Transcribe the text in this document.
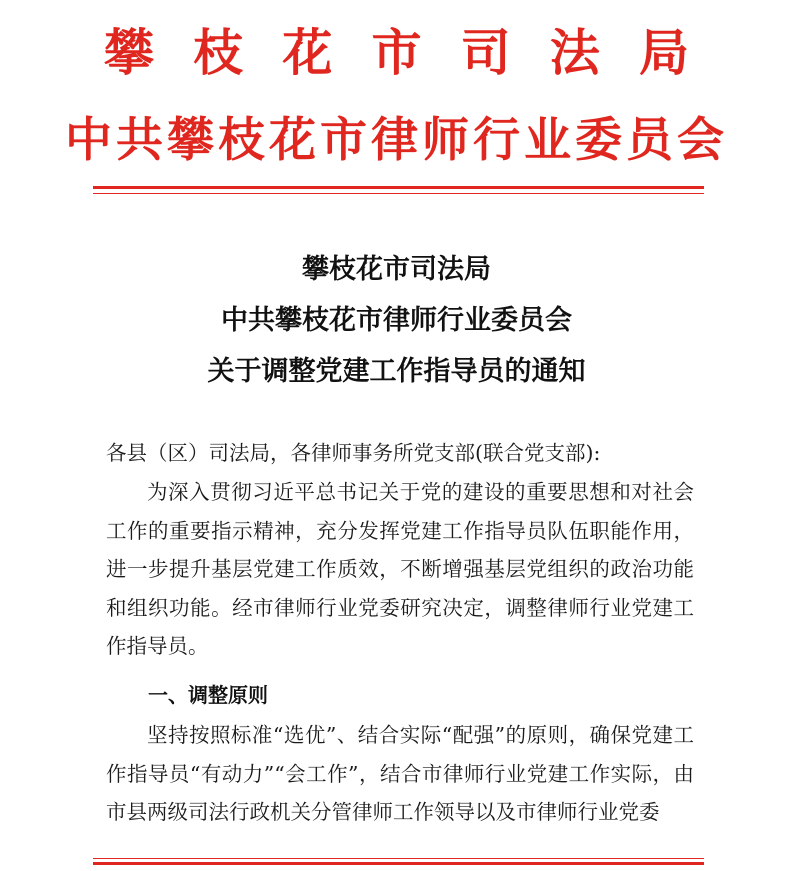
攀 枝 花 市 司 法 局
中共攀枝花市律师行业委员会
攀枝花市司法局
中共攀枝花市律师行业委员会
关于调整党建工作指导员的通知
各县（区）司法局，各律师事务所党支部(联合党支部):

为深入贯彻习近平总书记关于党的建设的重要思想和对社会工作的重要指示精神，充分发挥党建工作指导员队伍职能作用，进一步提升基层党建工作质效，不断增强基层党组织的政治功能和组织功能。经市律师行业党委研究决定，调整律师行业党建工作指导员。

一、调整原则

坚持按照标准“选优”、结合实际“配强”的原则，确保党建工作指导员“有动力”“会工作”，结合市律师行业党建工作实际，由市县两级司法行政机关分管律师工作领导以及市律师行业党委
